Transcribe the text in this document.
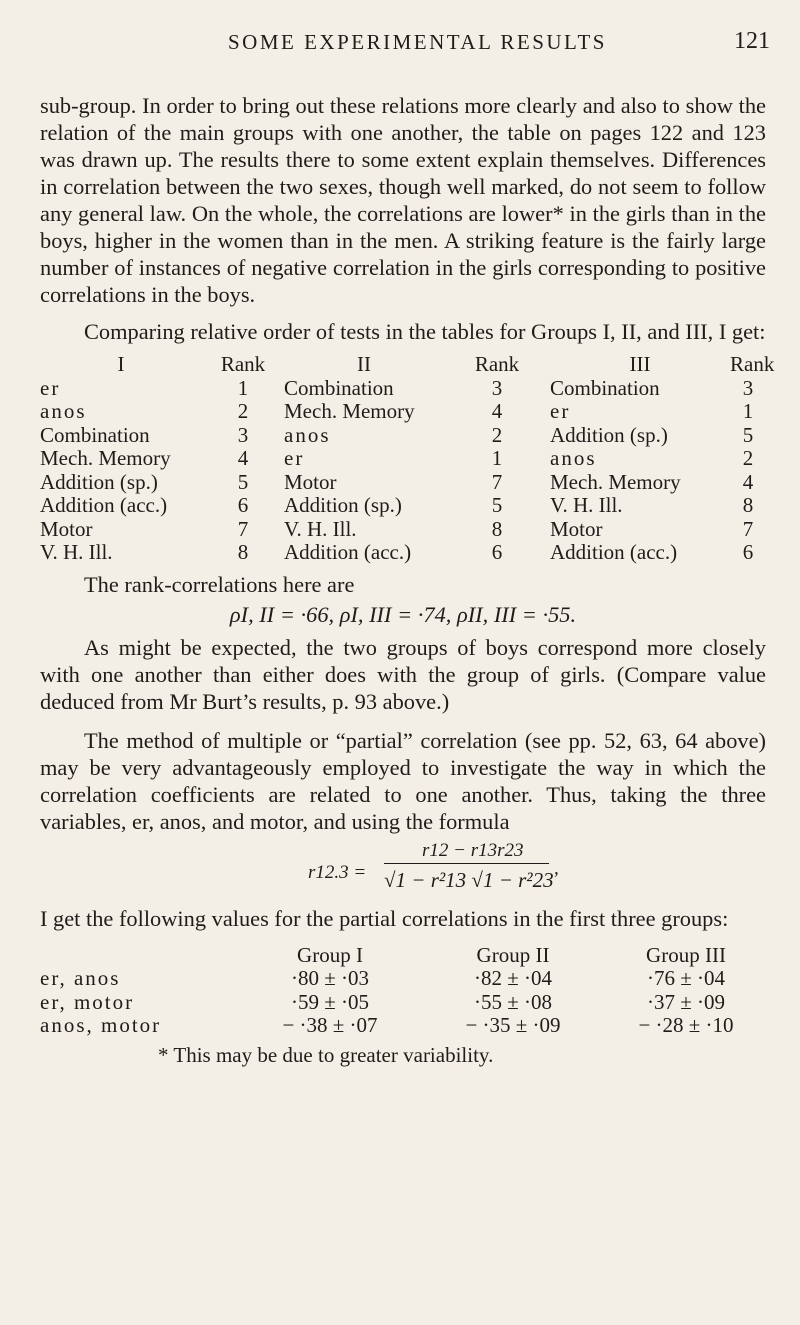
SOME EXPERIMENTAL RESULTS	121

sub-group. In order to bring out these relations more clearly and also to show the relation of the main groups with one another, the table on pages 122 and 123 was drawn up. The results there to some extent explain themselves. Differences in correlation between the two sexes, though well marked, do not seem to follow any general law. On the whole, the correlations are lower* in the girls than in the boys, higher in the women than in the men. A striking feature is the fairly large number of instances of negative correlation in the girls corresponding to positive correlations in the boys.

Comparing relative order of tests in the tables for Groups I, II, and III, I get:

I	Rank	II	Rank	III	Rank
er	1	Combination	3	Combination	3
anos	2	Mech. Memory	4	er	1
Combination	3	anos	2	Addition (sp.)	5
Mech. Memory	4	er	1	anos	2
Addition (sp.)	5	Motor	7	Mech. Memory	4
Addition (acc.)	6	Addition (sp.)	5	V. H. Ill.	8
Motor	7	V. H. Ill.	8	Motor	7
V. H. Ill.	8	Addition (acc.)	6	Addition (acc.)	6

The rank-correlations here are

ρI, II = ·66, ρI, III = ·74, ρII, III = ·55.

As might be expected, the two groups of boys correspond more closely with one another than either does with the group of girls. (Compare value deduced from Mr Burt’s results, p. 93 above.)

The method of multiple or “partial” correlation (see pp. 52, 63, 64 above) may be very advantageously employed to investigate the way in which the correlation coefficients are related to one another. Thus, taking the three variables, er, anos, and motor, and using the formula

r12.3 =
r12 − r13r23
√1 − r²13 √1 − r²23 ,

I get the following values for the partial correlations in the first three groups:

Group I	Group II	Group III
er, anos	·80 ± ·03	·82 ± ·04	·76 ± ·04
er, motor	·59 ± ·05	·55 ± ·08	·37 ± ·09
anos, motor	− ·38 ± ·07	− ·35 ± ·09	− ·28 ± ·10

* This may be due to greater variability.
